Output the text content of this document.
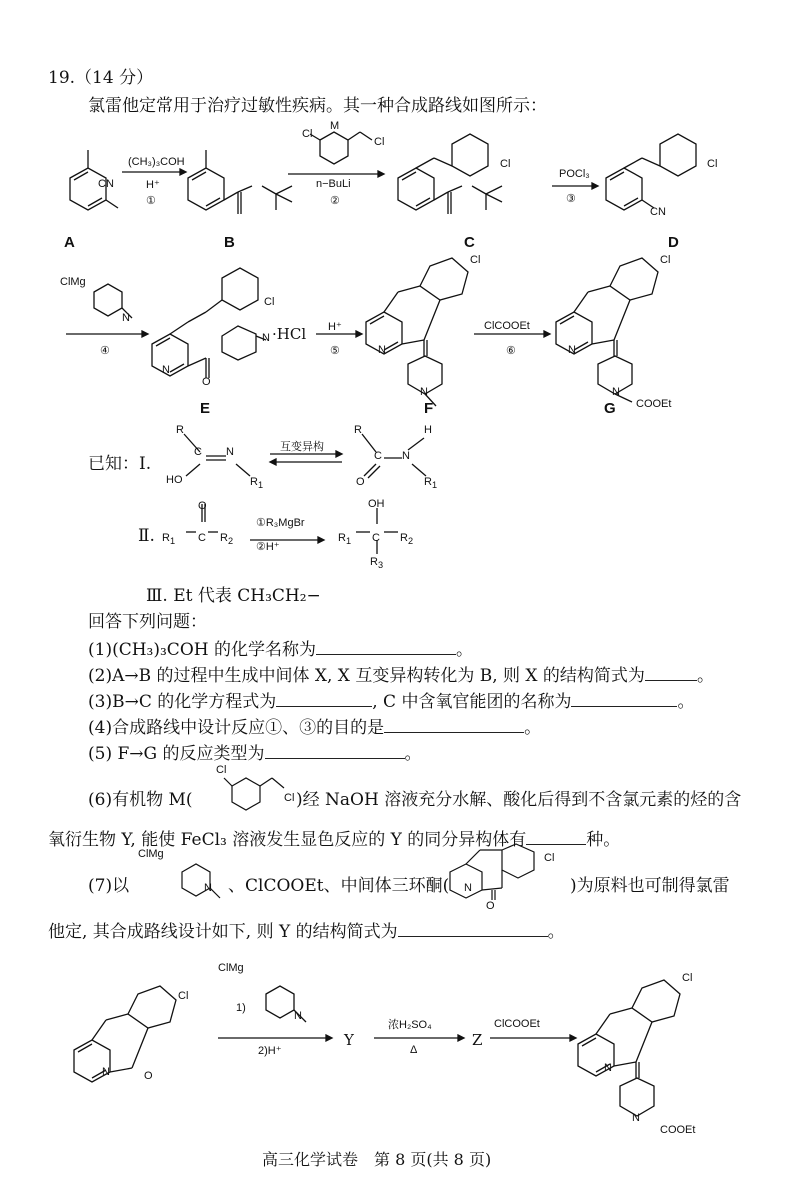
19.（14 分）
氯雷他定常用于治疗过敏性疾病。其一种合成路线如图所示：
CN
(CH₃)₃COH
H⁺
①
M
Cl
Cl
n−BuLi
②
Cl
POCl₃
③
Cl
CN
A	B	C	D
ClMg
N
④
N
O
Cl
N ·HCl H⁺
⑤
Cl
N
N
ClCOOEt
⑥
Cl
N
N
COOEt
E	F	G
已知：Ⅰ.
R
C N
HO	$R_1$
互变异构
R
C N
H
O	$R_1$
Ⅱ. $R_1$
O
C $R_2$
①R₃MgBr
②H⁺
OH
$R_1$ C $R_2$
$R_3$
Ⅲ. Et 代表 CH₃CH₂−
回答下列问题：
(1)(CH₃)₃COH 的化学名称为	。
(2)A→B 的过程中生成中间体 X, X 互变异构转化为 B, 则 X 的结构简式为	。
(3)B→C 的化学方程式为	, C 中含氧官能团的名称为	。
(4)合成路线中设计反应①、③的目的是	。
(5) F→G 的反应类型为	。
(6)有机物 M(
Cl
Cl )经 NaOH 溶液充分水解、酸化后得到不含氯元素的烃的含
氧衍生物 Y, 能使 FeCl₃ 溶液发生显色反应的 Y 的同分异构体有	种。
(7)以
ClMg
N 、ClCOOEt、中间体三环酮( N
O
Cl
)为原料也可制得氯雷
他定, 其合成路线设计如下, 则 Y 的结构简式为	。
N	O
Cl
ClMg
1)
N
2)H⁺
Y
浓H₂SO₄
Δ
Z
ClCOOEt
Cl
N
N
COOEt
高三化学试卷　第 8 页(共 8 页)
